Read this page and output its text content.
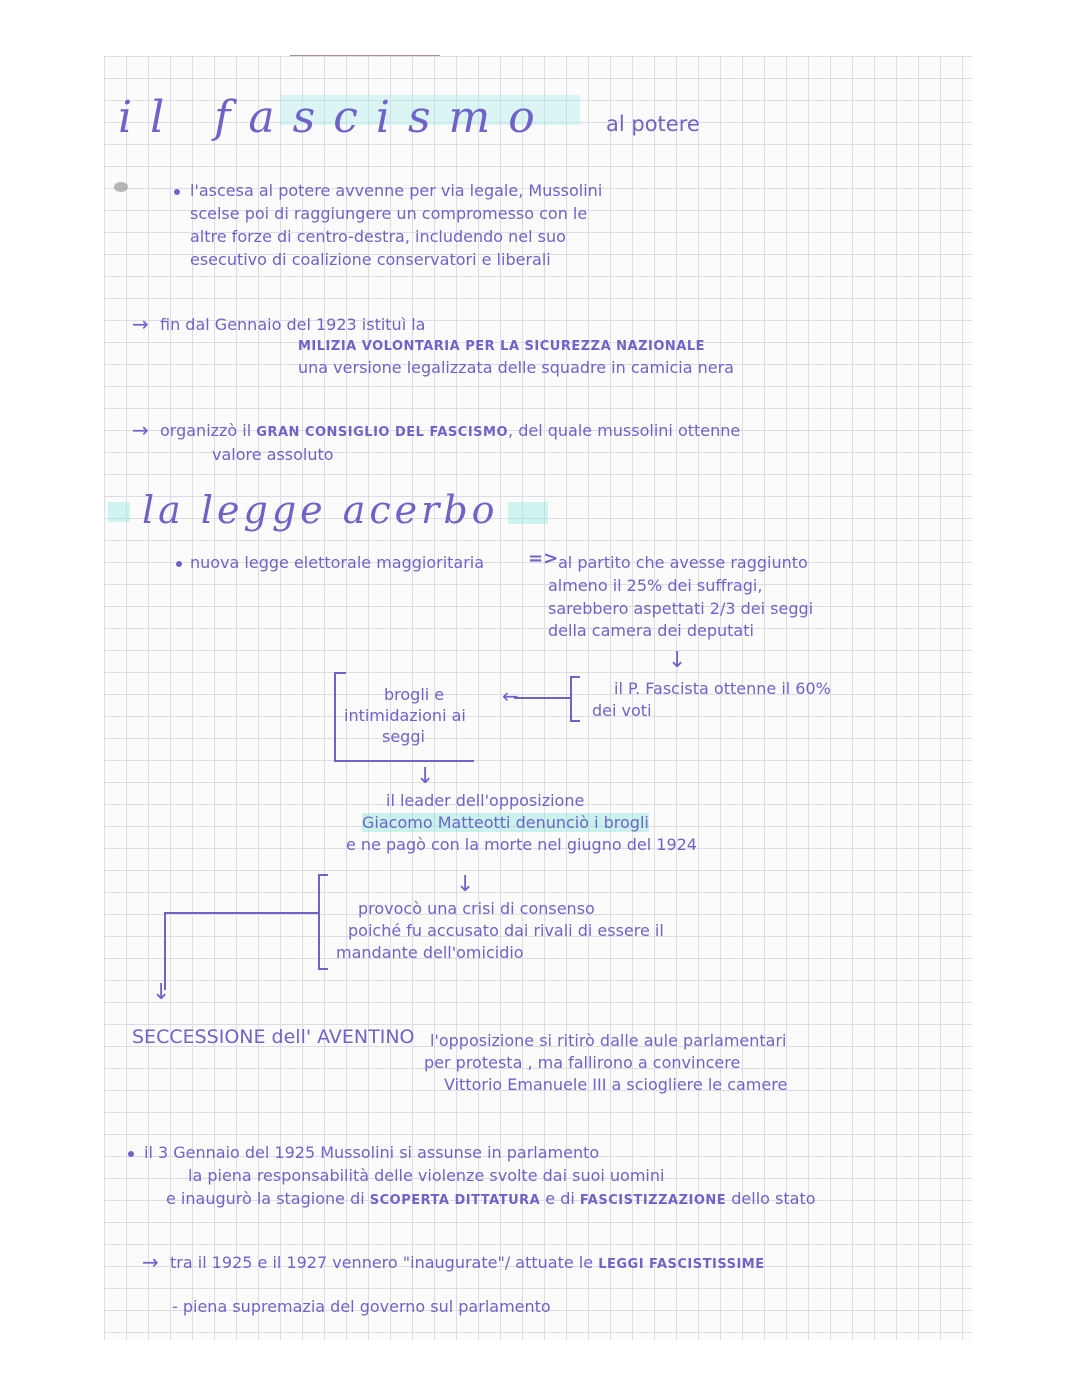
il fascismo	al potere
l'ascesa al potere avvenne per via legale, Mussolini
scelse poi di raggiungere un compromesso con le
altre forze di centro-destra, includendo nel suo
esecutivo di coalizione conservatori e liberali
→ fin dal Gennaio del 1923 istituì la
MILIZIA VOLONTARIA PER LA SICUREZZA NAZIONALE
una versione legalizzata delle squadre in camicia nera
→ organizzò il GRAN CONSIGLIO DEL FASCISMO, del quale mussolini ottenne
valore assoluto
la legge acerbo
nuova legge elettorale maggioritaria => al partito che avesse raggiunto
almeno il 25% dei suffragi,
sarebbero aspettati 2/3 dei seggi
della camera dei deputati
↓
il P. Fascista ottenne il 60%
dei voti
←
brogli e
intimidazioni ai
seggi
↓
il leader dell'opposizione
Giacomo Matteotti denunciò i brogli
e ne pagò con la morte nel giugno del 1924
↓
↓
provocò una crisi di consenso
poiché fu accusato dai rivali di essere il
mandante dell'omicidio
SECCESSIONE dell' AVENTINO l'opposizione si ritirò dalle aule parlamentari
per protesta , ma fallirono a convincere
Vittorio Emanuele III a sciogliere le camere
il 3 Gennaio del 1925 Mussolini si assunse in parlamento
la piena responsabilità delle violenze svolte dai suoi uomini
e inaugurò la stagione di SCOPERTA DITTATURA e di FASCISTIZZAZIONE dello stato
→ tra il 1925 e il 1927 vennero "inaugurate"/ attuate le LEGGI FASCISTISSIME
- piena supremazia del governo sul parlamento
